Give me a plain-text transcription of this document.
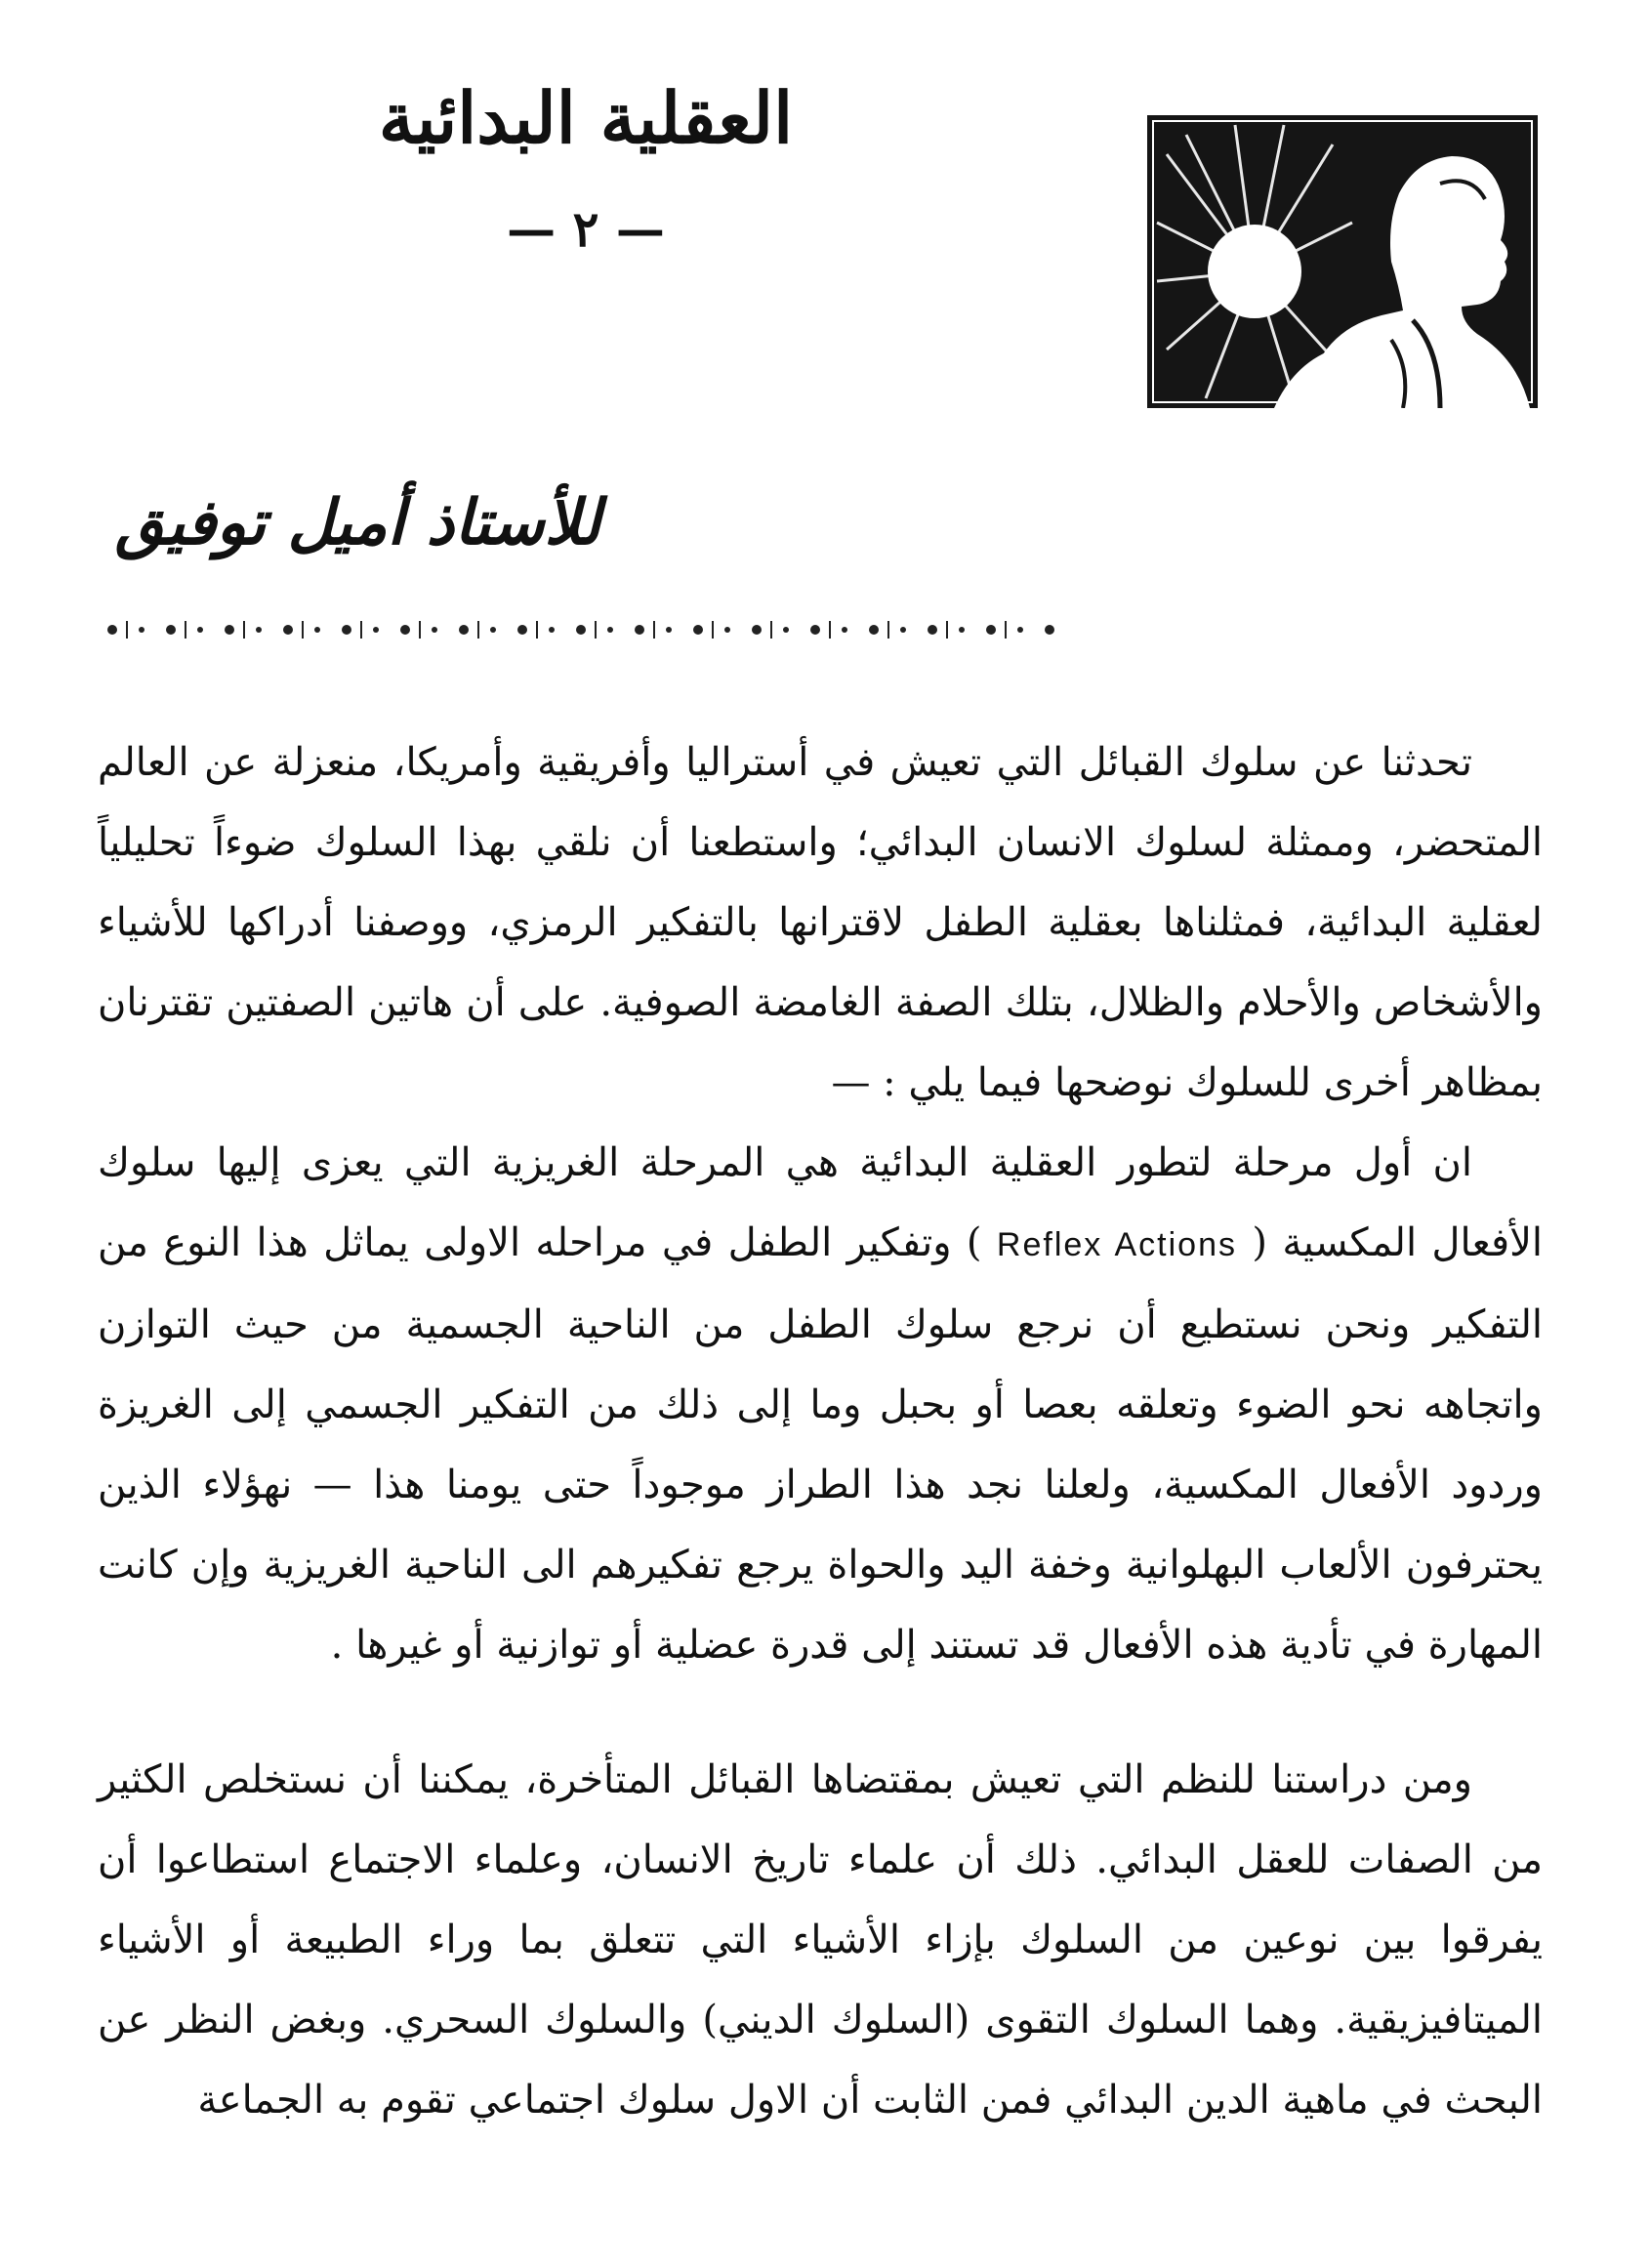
العقلية البدائية
— ٢ —
للأستاذ أميل توفيق

تحدثنا عن سلوك القبائل التي تعيش في أستراليا وأفريقية وأمريكا، منعزلة عن العالم المتحضر، وممثلة لسلوك الانسان البدائي؛ واستطعنا أن نلقي بهذا السلوك ضوءاً تحليلياً لعقلية البدائية، فمثلناها بعقلية الطفل لاقترانها بالتفكير الرمزي، ووصفنا أدراكها للأشياء والأشخاص والأحلام والظلال، بتلك الصفة الغامضة الصوفية. على أن هاتين الصفتين تقترنان بمظاهر أخرى للسلوك نوضحها فيما يلي : —

ان أول مرحلة لتطور العقلية البدائية هي المرحلة الغريزية التي يعزى إليها سلوك الأفعال المكسية ( Reflex Actions ) وتفكير الطفل في مراحله الاولى يماثل هذا النوع من التفكير ونحن نستطيع أن نرجع سلوك الطفل من الناحية الجسمية من حيث التوازن واتجاهه نحو الضوء وتعلقه بعصا أو بحبل وما إلى ذلك من التفكير الجسمي إلى الغريزة وردود الأفعال المكسية، ولعلنا نجد هذا الطراز موجوداً حتى يومنا هذا — نهؤلاء الذين يحترفون الألعاب البهلوانية وخفة اليد والحواة يرجع تفكيرهم الى الناحية الغريزية وإن كانت المهارة في تأدية هذه الأفعال قد تستند إلى قدرة عضلية أو توازنية أو غيرها .

ومن دراستنا للنظم التي تعيش بمقتضاها القبائل المتأخرة، يمكننا أن نستخلص الكثير من الصفات للعقل البدائي. ذلك أن علماء تاريخ الانسان، وعلماء الاجتماع استطاعوا أن يفرقوا بين نوعين من السلوك بإزاء الأشياء التي تتعلق بما وراء الطبيعة أو الأشياء الميتافيزيقية. وهما السلوك التقوى (السلوك الديني) والسلوك السحري. وبغض النظر عن البحث في ماهية الدين البدائي فمن الثابت أن الاول سلوك اجتماعي تقوم به الجماعة
